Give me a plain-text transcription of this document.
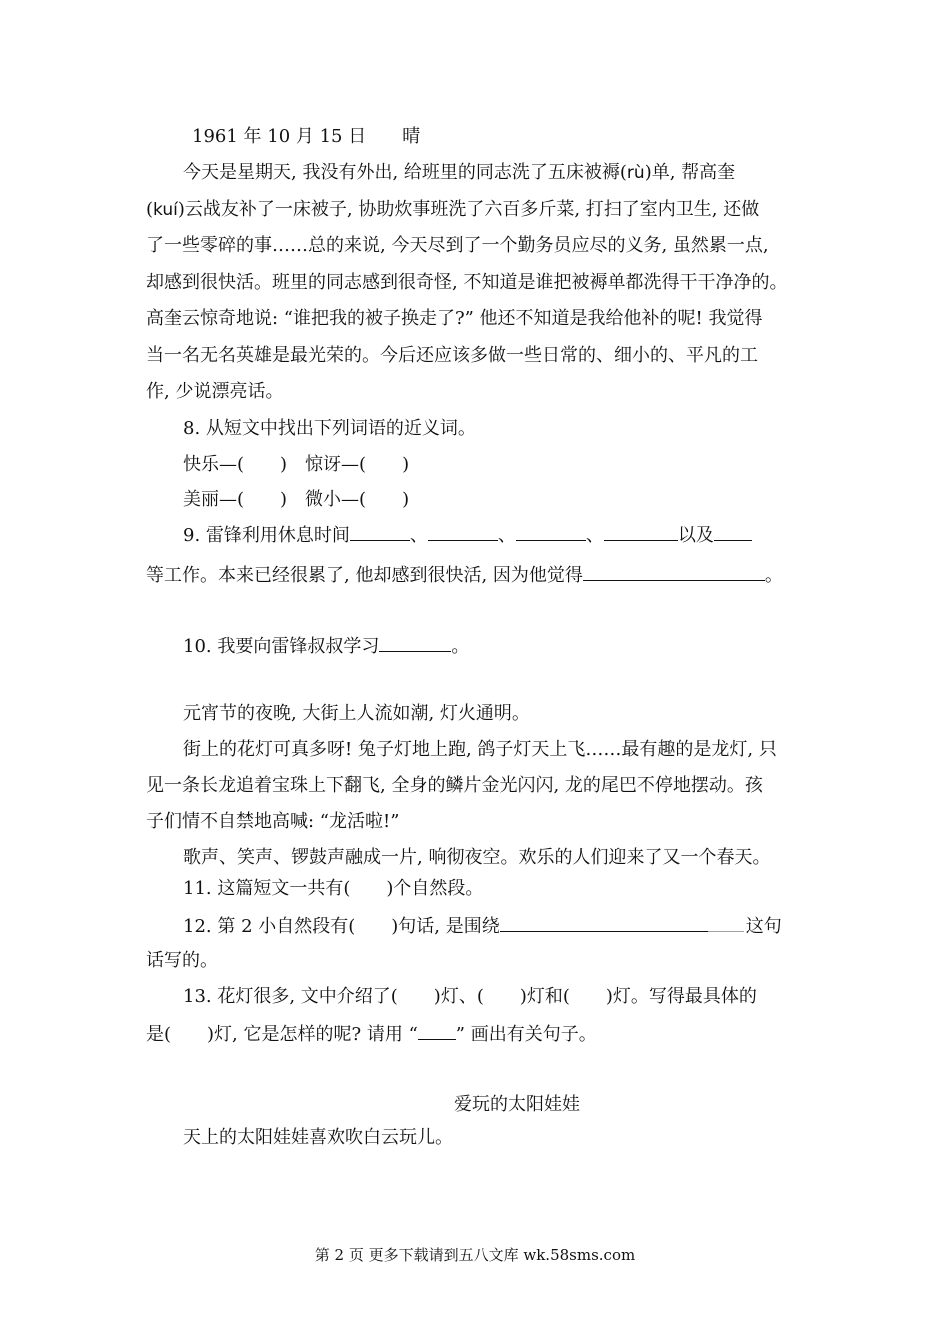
1961 年 10 月 15 日　　晴
今天是星期天, 我没有外出, 给班里的同志洗了五床被褥(rù)单, 帮高奎
(kuí)云战友补了一床被子, 协助炊事班洗了六百多斤菜, 打扫了室内卫生, 还做
了一些零碎的事……总的来说, 今天尽到了一个勤务员应尽的义务, 虽然累一点,
却感到很快活。班里的同志感到很奇怪, 不知道是谁把被褥单都洗得干干净净的。
高奎云惊奇地说: “谁把我的被子换走了?” 他还不知道是我给他补的呢! 我觉得
当一名无名英雄是最光荣的。今后还应该多做一些日常的、细小的、平凡的工
作, 少说漂亮话。
8. 从短文中找出下列词语的近义词。
快乐—(　　)　惊讶—(　　)
美丽—(　　)　微小—(　　)
9. 雷锋利用休息时间	、	、	、	以及
等工作。本来已经很累了, 他却感到很快活, 因为他觉得	。
10. 我要向雷锋叔叔学习	。
元宵节的夜晚, 大街上人流如潮, 灯火通明。
街上的花灯可真多呀! 兔子灯地上跑, 鸽子灯天上飞……最有趣的是龙灯, 只
见一条长龙追着宝珠上下翻飞, 全身的鳞片金光闪闪, 龙的尾巴不停地摆动。孩
子们情不自禁地高喊: “龙活啦!”
歌声、笑声、锣鼓声融成一片, 响彻夜空。欢乐的人们迎来了又一个春天。
11. 这篇短文一共有(　　)个自然段。
12. 第 2 小自然段有(　　)句话, 是围绕	这句
话写的。
13. 花灯很多, 文中介绍了(　　)灯、(　　)灯和(　　)灯。写得最具体的
是(　　)灯, 它是怎样的呢? 请用 “ ” 画出有关句子。
爱玩的太阳娃娃
天上的太阳娃娃喜欢吹白云玩儿。
第 2 页 更多下载请到五八文库 wk.58sms.com
